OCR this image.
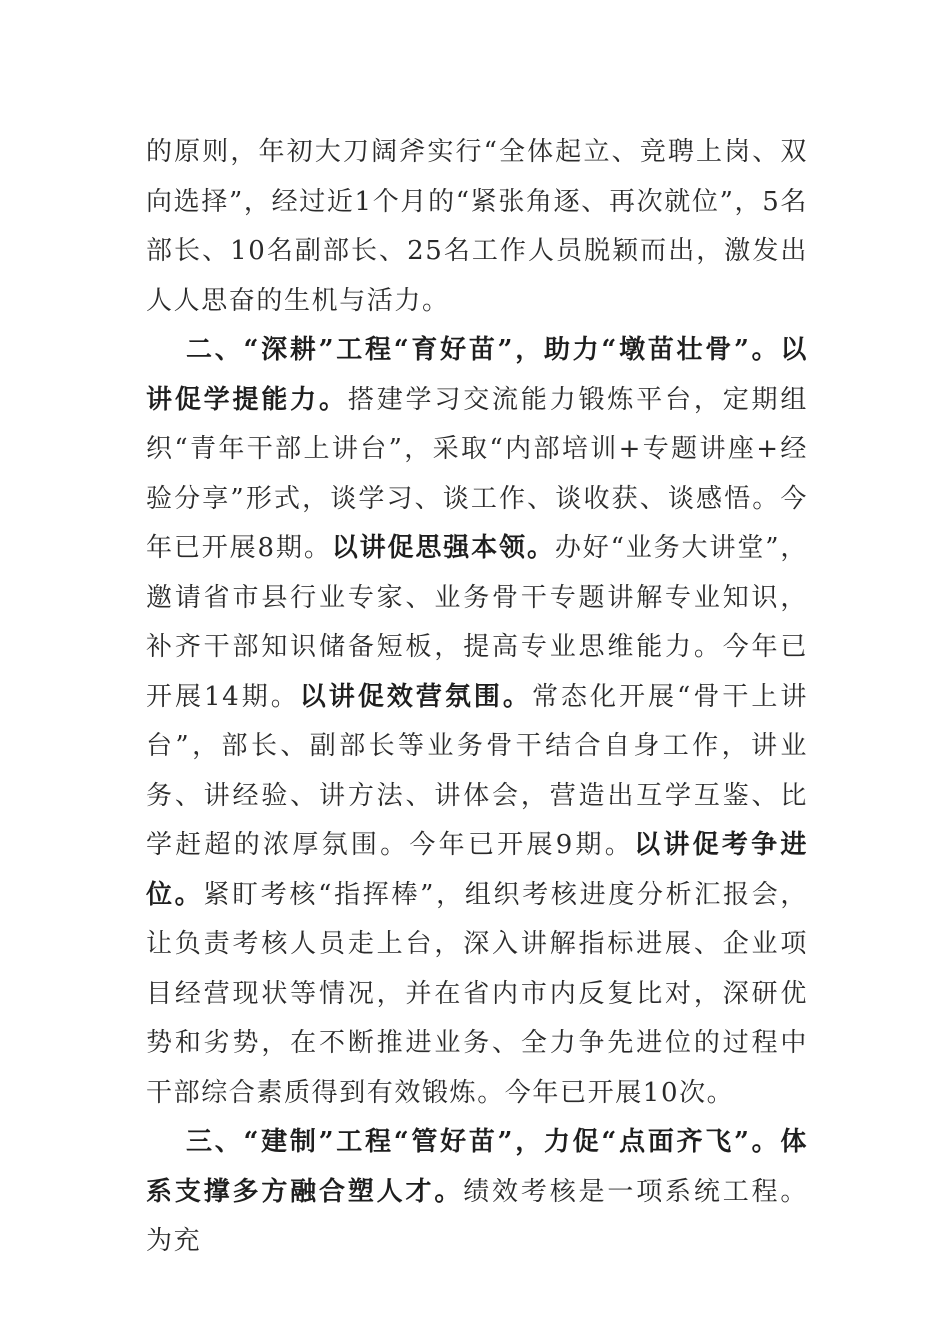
的原则，年初大刀阔斧实行“全体起立、竞聘上岗、双向选择”，经过近1个月的“紧张角逐、再次就位”，5名部长、10名副部长、25名工作人员脱颖而出，激发出人人思奋的生机与活力。

二、“深耕”工程“育好苗”，助力“墩苗壮骨”。以讲促学提能力。搭建学习交流能力锻炼平台，定期组织“青年干部上讲台”，采取“内部培训+专题讲座+经验分享”形式，谈学习、谈工作、谈收获、谈感悟。今年已开展8期。以讲促思强本领。办好“业务大讲堂”，邀请省市县行业专家、业务骨干专题讲解专业知识，补齐干部知识储备短板，提高专业思维能力。今年已开展14期。以讲促效营氛围。常态化开展“骨干上讲台”，部长、副部长等业务骨干结合自身工作，讲业务、讲经验、讲方法、讲体会，营造出互学互鉴、比学赶超的浓厚氛围。今年已开展9期。以讲促考争进位。紧盯考核“指挥棒”，组织考核进度分析汇报会，让负责考核人员走上台，深入讲解指标进展、企业项目经营现状等情况，并在省内市内反复比对，深研优势和劣势，在不断推进业务、全力争先进位的过程中干部综合素质得到有效锻炼。今年已开展10次。

三、“建制”工程“管好苗”，力促“点面齐飞”。体系支撑多方融合塑人才。绩效考核是一项系统工程。为充
